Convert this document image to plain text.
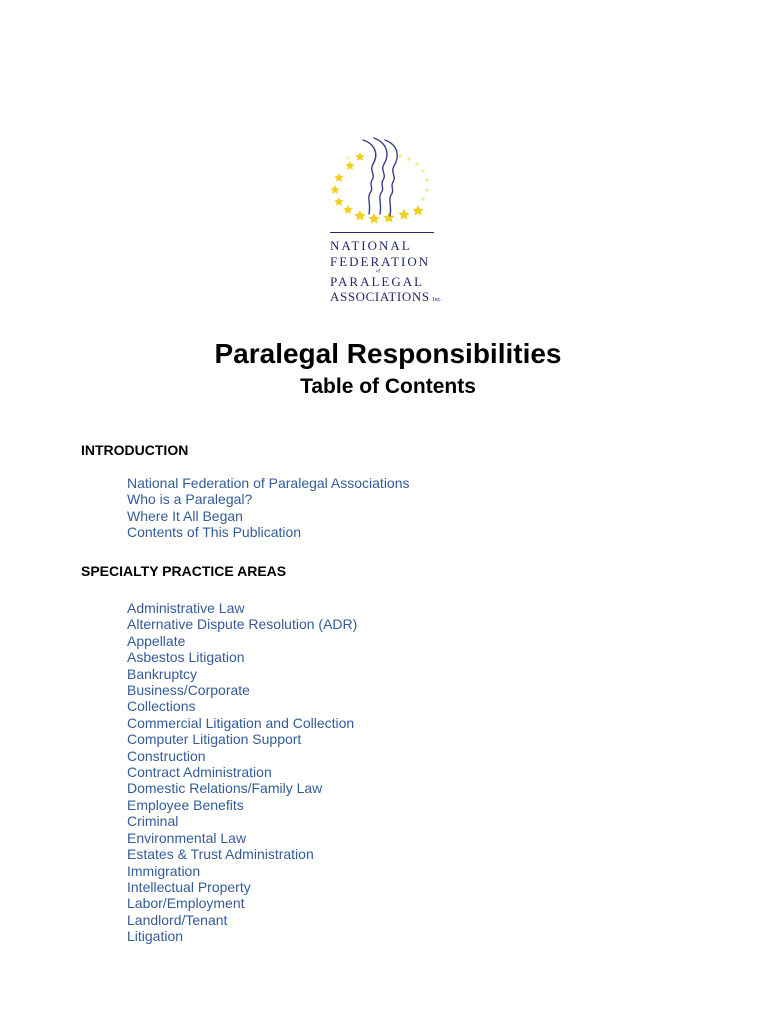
NATIONAL
FEDERATION
of
PARALEGAL
ASSOCIATIONS Inc.
Paralegal Responsibilities
Table of Contents
INTRODUCTION
National Federation of Paralegal Associations
Who is a Paralegal?
Where It All Began
Contents of This Publication
SPECIALTY PRACTICE AREAS
Administrative Law
Alternative Dispute Resolution (ADR)
Appellate
Asbestos Litigation
Bankruptcy
Business/Corporate
Collections
Commercial Litigation and Collection
Computer Litigation Support
Construction
Contract Administration
Domestic Relations/Family Law
Employee Benefits
Criminal
Environmental Law
Estates & Trust Administration
Immigration
Intellectual Property
Labor/Employment
Landlord/Tenant
Litigation
